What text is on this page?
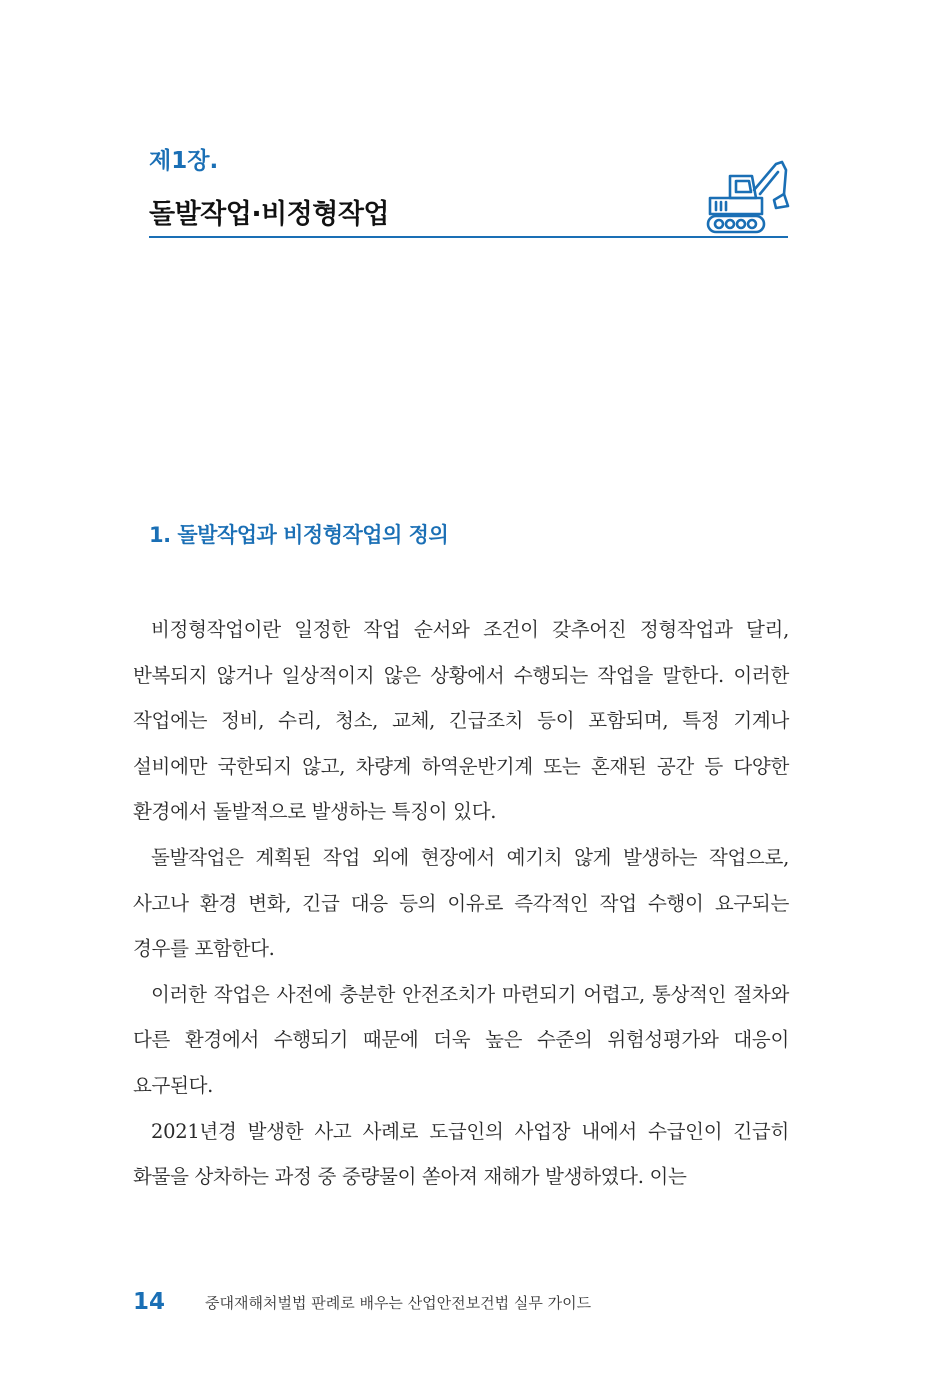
제1장.
돌발작업·비정형작업
1. 돌발작업과 비정형작업의 정의

비정형작업이란 일정한 작업 순서와 조건이 갖추어진 정형작업과 달리, 반복되지 않거나 일상적이지 않은 상황에서 수행되는 작업을 말한다. 이러한 작업에는 정비, 수리, 청소, 교체, 긴급조치 등이 포함되며, 특정 기계나 설비에만 국한되지 않고, 차량계 하역운반기계 또는 혼재된 공간 등 다양한 환경에서 돌발적으로 발생하는 특징이 있다.

돌발작업은 계획된 작업 외에 현장에서 예기치 않게 발생하는 작업으로, 사고나 환경 변화, 긴급 대응 등의 이유로 즉각적인 작업 수행이 요구되는 경우를 포함한다.

이러한 작업은 사전에 충분한 안전조치가 마련되기 어렵고, 통상적인 절차와 다른 환경에서 수행되기 때문에 더욱 높은 수준의 위험성평가와 대응이 요구된다.

2021년경 발생한 사고 사례로 도급인의 사업장 내에서 수급인이 긴급히 화물을 상차하는 과정 중 중량물이 쏟아져 재해가 발생하였다. 이는

14	중대재해처벌법 판례로 배우는 산업안전보건법 실무 가이드
